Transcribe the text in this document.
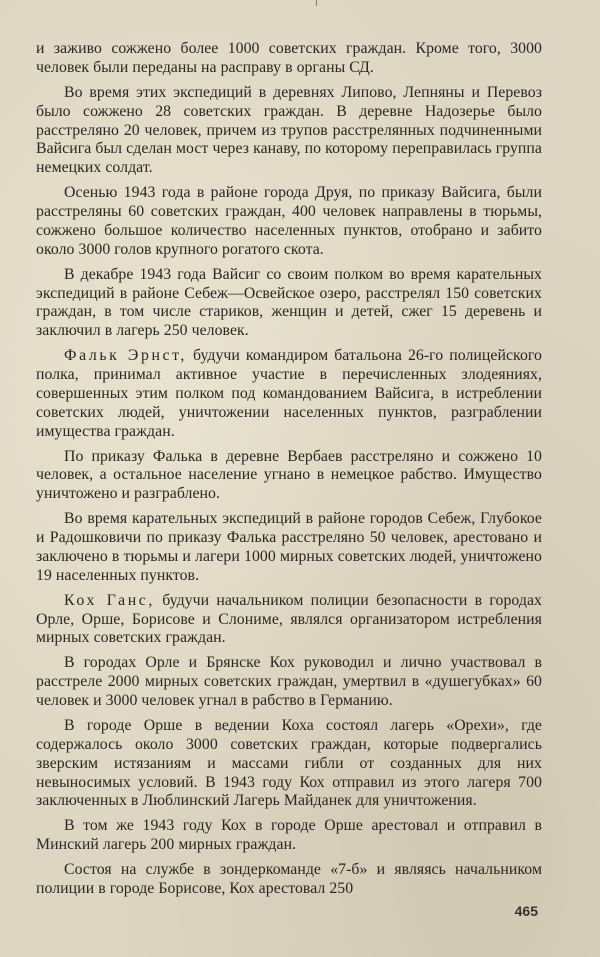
и заживо сожжено более 1000 советских граждан. Кроме того, 3000 человек были переданы на расправу в органы СД.

Во время этих экспедиций в деревнях Липово, Лепняны и Перевоз было сожжено 28 советских граждан. В деревне Надозерье было расстреляно 20 человек, причем из трупов расстрелянных подчиненными Вайсига был сделан мост через канаву, по которому переправилась группа немецких солдат.

Осенью 1943 года в районе города Друя, по приказу Вайсига, были расстреляны 60 советских граждан, 400 человек направлены в тюрьмы, сожжено большое количество населенных пунктов, отобрано и забито около 3000 голов крупного рогатого скота.

В декабре 1943 года Вайсиг со своим полком во время карательных экспедиций в районе Себеж—Освейское озеро, расстрелял 150 советских граждан, в том числе стариков, женщин и детей, сжег 15 деревень и заключил в лагерь 250 человек.

Фальк Эрнст, будучи командиром батальона 26-го полицейского полка, принимал активное участие в перечисленных злодеяниях, совершенных этим полком под командованием Вайсига, в истреблении советских людей, уничтожении населенных пунктов, разграблении имущества граждан.

По приказу Фалька в деревне Вербаев расстреляно и сожжено 10 человек, а остальное население угнано в немецкое рабство. Имущество уничтожено и разграблено.

Во время карательных экспедиций в районе городов Себеж, Глубокое и Радошковичи по приказу Фалька расстреляно 50 человек, арестовано и заключено в тюрьмы и лагери 1000 мирных советских людей, уничтожено 19 населенных пунктов.

Кох Ганс, будучи начальником полиции безопасности в городах Орле, Орше, Борисове и Слониме, являлся организатором истребления мирных советских граждан.

В городах Орле и Брянске Кох руководил и лично участвовал в расстреле 2000 мирных советских граждан, умертвил в «душегубках» 60 человек и 3000 человек угнал в рабство в Германию.

В городе Орше в ведении Коха состоял лагерь «Орехи», где содержалось около 3000 советских граждан, которые подвергались зверским истязаниям и массами гибли от созданных для них невыносимых условий. В 1943 году Кох отправил из этого лагеря 700 заключенных в Люблинский Лагерь Майданек для уничтожения.

В том же 1943 году Кох в городе Орше арестовал и отправил в Минский лагерь 200 мирных граждан.

Состоя на службе в зондеркоманде «7-б» и являясь начальником полиции в городе Борисове, Кох арестовал 250

465
